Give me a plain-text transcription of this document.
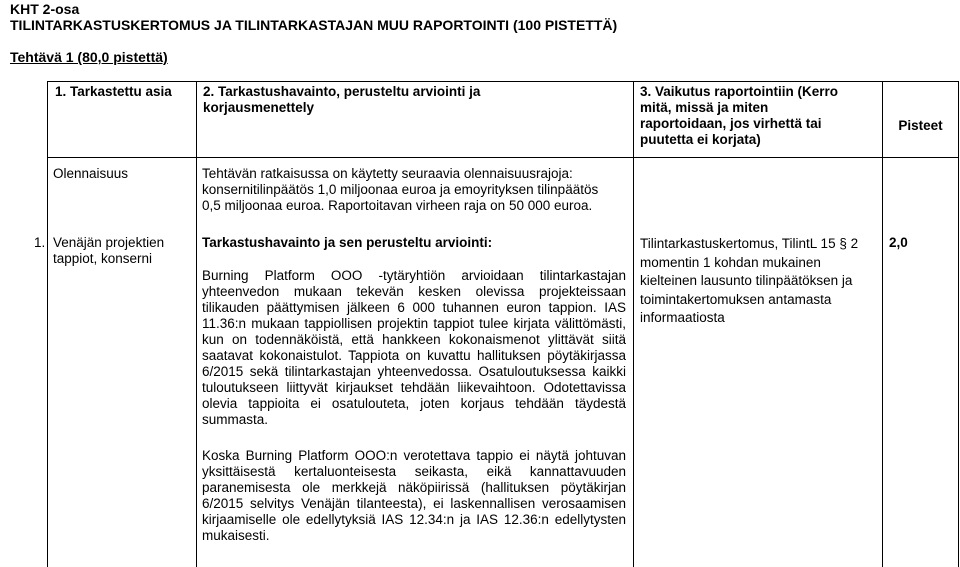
KHT 2-osa
TILINTARKASTUSKERTOMUS JA TILINTARKASTAJAN MUU RAPORTOINTI (100 PISTETTÄ)
Tehtävä 1 (80,0 pistettä)
1. Tarkastettu asia	2. Tarkastushavainto, perusteltu arviointi ja korjausmenettely
3. Vaikutus raportointiin (Kerro mitä, missä ja miten raportoidaan, jos virhettä tai puutetta ei korjata)
Pisteet
Olennaisuus	Tehtävän ratkaisussa on käytetty seuraavia olennaisuusrajoja: konsernitilinpäätös 1,0 miljoonaa euroa ja emoyrityksen tilinpäätös 0,5 miljoonaa euroa. Raportoitavan virheen raja on 50 000 euroa.
1. Venäjän projektien tappiot, konserni
Tarkastushavainto ja sen perusteltu arviointi:
Burning Platform OOO -tytäryhtiön arvioidaan tilintarkastajan yhteenvedon mukaan tekevän kesken olevissa projekteissaan tilikauden päättymisen jälkeen 6 000 tuhannen euron tappion. IAS 11.36:n mukaan tappiollisen projektin tappiot tulee kirjata välittömästi, kun on todennäköistä, että hankkeen kokonaismenot ylittävät siitä saatavat kokonaistulot. Tappiota on kuvattu hallituksen pöytäkirjassa 6/2015 sekä tilintarkastajan yhteenvedossa. Osatuloutuksessa kaikki tuloutukseen liittyvät kirjaukset tehdään liikevaihtoon. Odotettavissa olevia tappioita ei osatulouteta, joten korjaus tehdään täydestä summasta.
Koska Burning Platform OOO:n verotettava tappio ei näytä johtuvan yksittäisestä kertaluonteisesta seikasta, eikä kannattavuuden paranemisesta ole merkkejä näköpiirissä (hallituksen pöytäkirjan 6/2015 selvitys Venäjän tilanteesta), ei laskennallisen verosaamisen kirjaamiselle ole edellytyksiä IAS 12.34:n ja IAS 12.36:n edellytysten mukaisesti.
Tilintarkastuskertomus, TilintL 15 § 2 momentin 1 kohdan mukainen kielteinen lausunto tilinpäätöksen ja toimintakertomuksen antamasta informaatiosta
2,0
